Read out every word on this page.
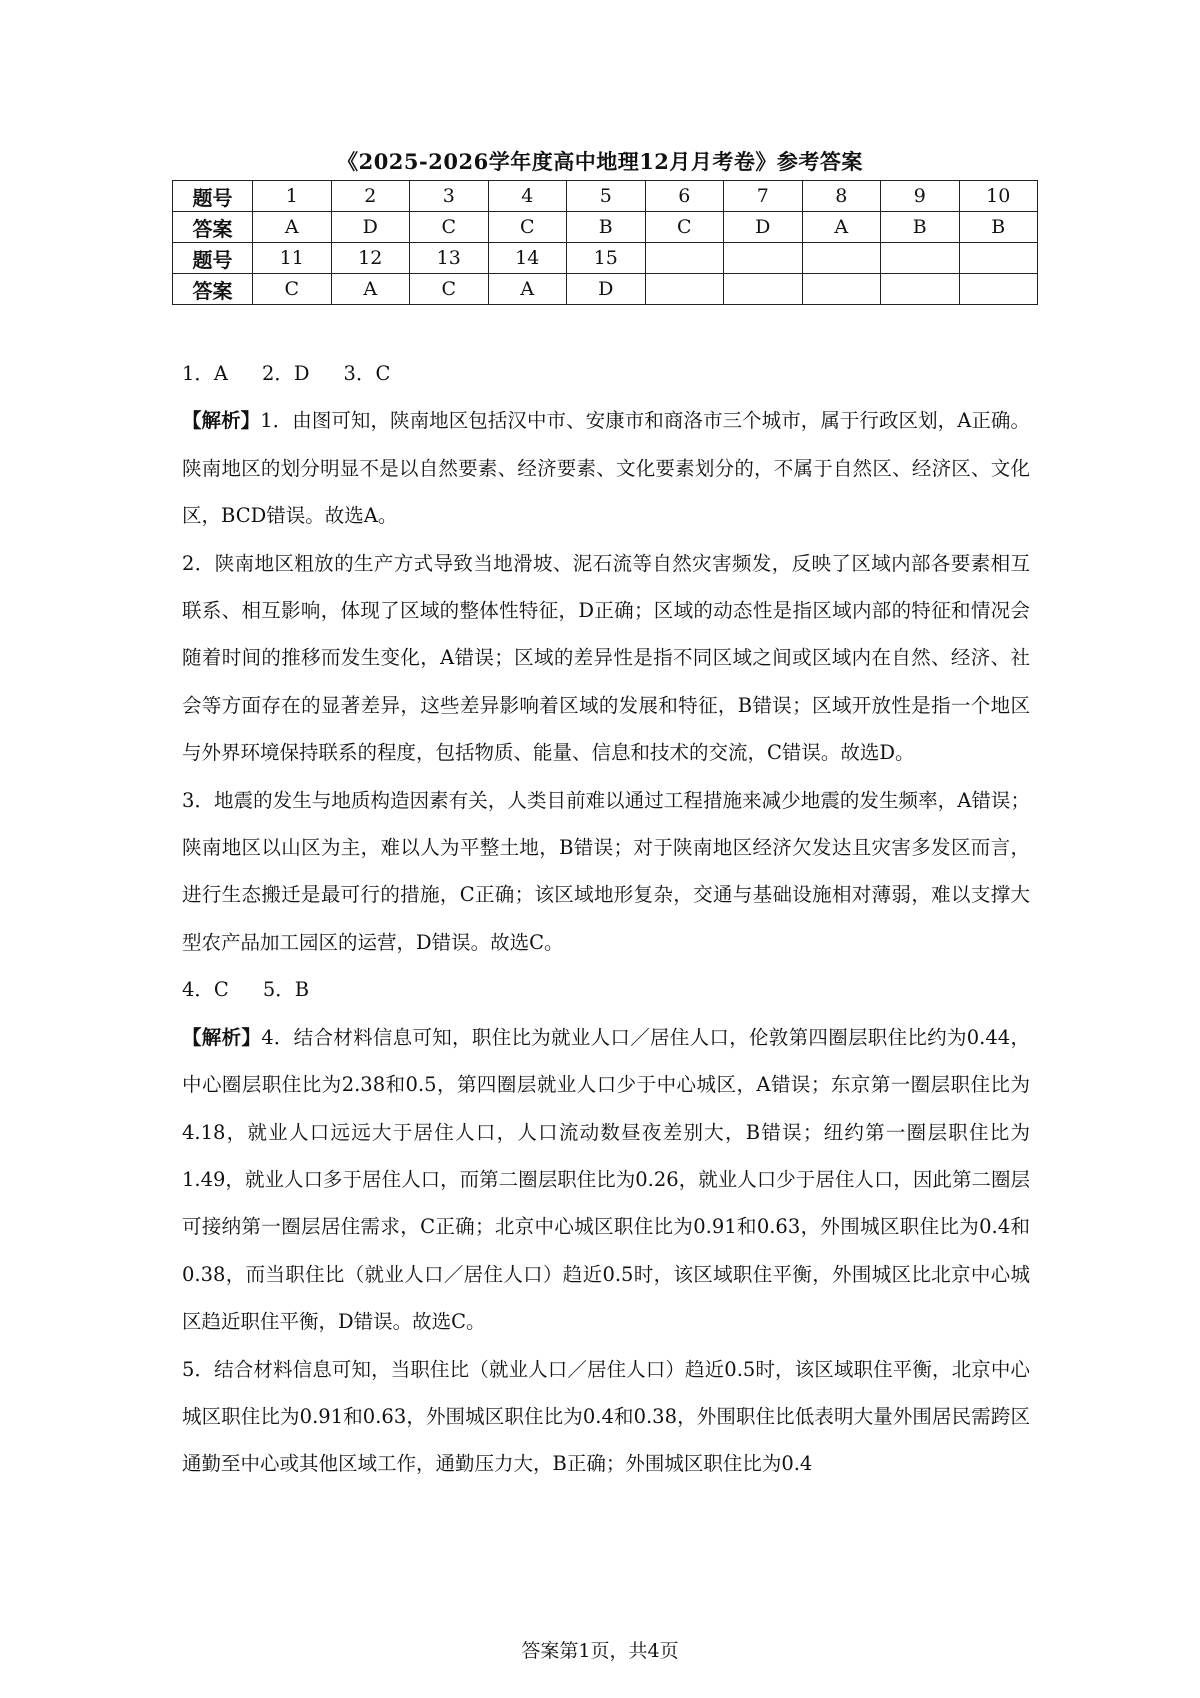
《2025-2026学年度高中地理12月月考卷》参考答案
题号	1	2	3	4	5	6	7	8	9	10
答案	A	D	C	C	B	C	D	A	B	B
题号	11	12	13	14	15					
答案	C	A	C	A	D					

1．A 2．D 3．C

【解析】1．由图可知，陕南地区包括汉中市、安康市和商洛市三个城市，属于行政区划，A正确。陕南地区的划分明显不是以自然要素、经济要素、文化要素划分的，不属于自然区、经济区、文化区，BCD错误。故选A。

2．陕南地区粗放的生产方式导致当地滑坡、泥石流等自然灾害频发，反映了区域内部各要素相互联系、相互影响，体现了区域的整体性特征，D正确；区域的动态性是指区域内部的特征和情况会随着时间的推移而发生变化，A错误；区域的差异性是指不同区域之间或区域内在自然、经济、社会等方面存在的显著差异，这些差异影响着区域的发展和特征，B错误；区域开放性是指一个地区与外界环境保持联系的程度，包括物质、能量、信息和技术的交流，C错误。故选D。

3．地震的发生与地质构造因素有关，人类目前难以通过工程措施来减少地震的发生频率，A错误；陕南地区以山区为主，难以人为平整土地，B错误；对于陕南地区经济欠发达且灾害多发区而言，进行生态搬迁是最可行的措施，C正确；该区域地形复杂，交通与基础设施相对薄弱，难以支撑大型农产品加工园区的运营，D错误。故选C。

4．C 5．B

【解析】4．结合材料信息可知，职住比为就业人口／居住人口，伦敦第四圈层职住比约为0.44，中心圈层职住比为2.38和0.5，第四圈层就业人口少于中心城区，A错误；东京第一圈层职住比为4.18，就业人口远远大于居住人口，人口流动数昼夜差别大，B错误；纽约第一圈层职住比为1.49，就业人口多于居住人口，而第二圈层职住比为0.26，就业人口少于居住人口，因此第二圈层可接纳第一圈层居住需求，C正确；北京中心城区职住比为0.91和0.63，外围城区职住比为0.4和0.38，而当职住比（就业人口／居住人口）趋近0.5时，该区域职住平衡，外围城区比北京中心城区趋近职住平衡，D错误。故选C。

5．结合材料信息可知，当职住比（就业人口／居住人口）趋近0.5时，该区域职住平衡，北京中心城区职住比为0.91和0.63，外围城区职住比为0.4和0.38，外围职住比低表明大量外围居民需跨区通勤至中心或其他区域工作，通勤压力大，B正确；外围城区职住比为0.4

答案第1页，共4页
